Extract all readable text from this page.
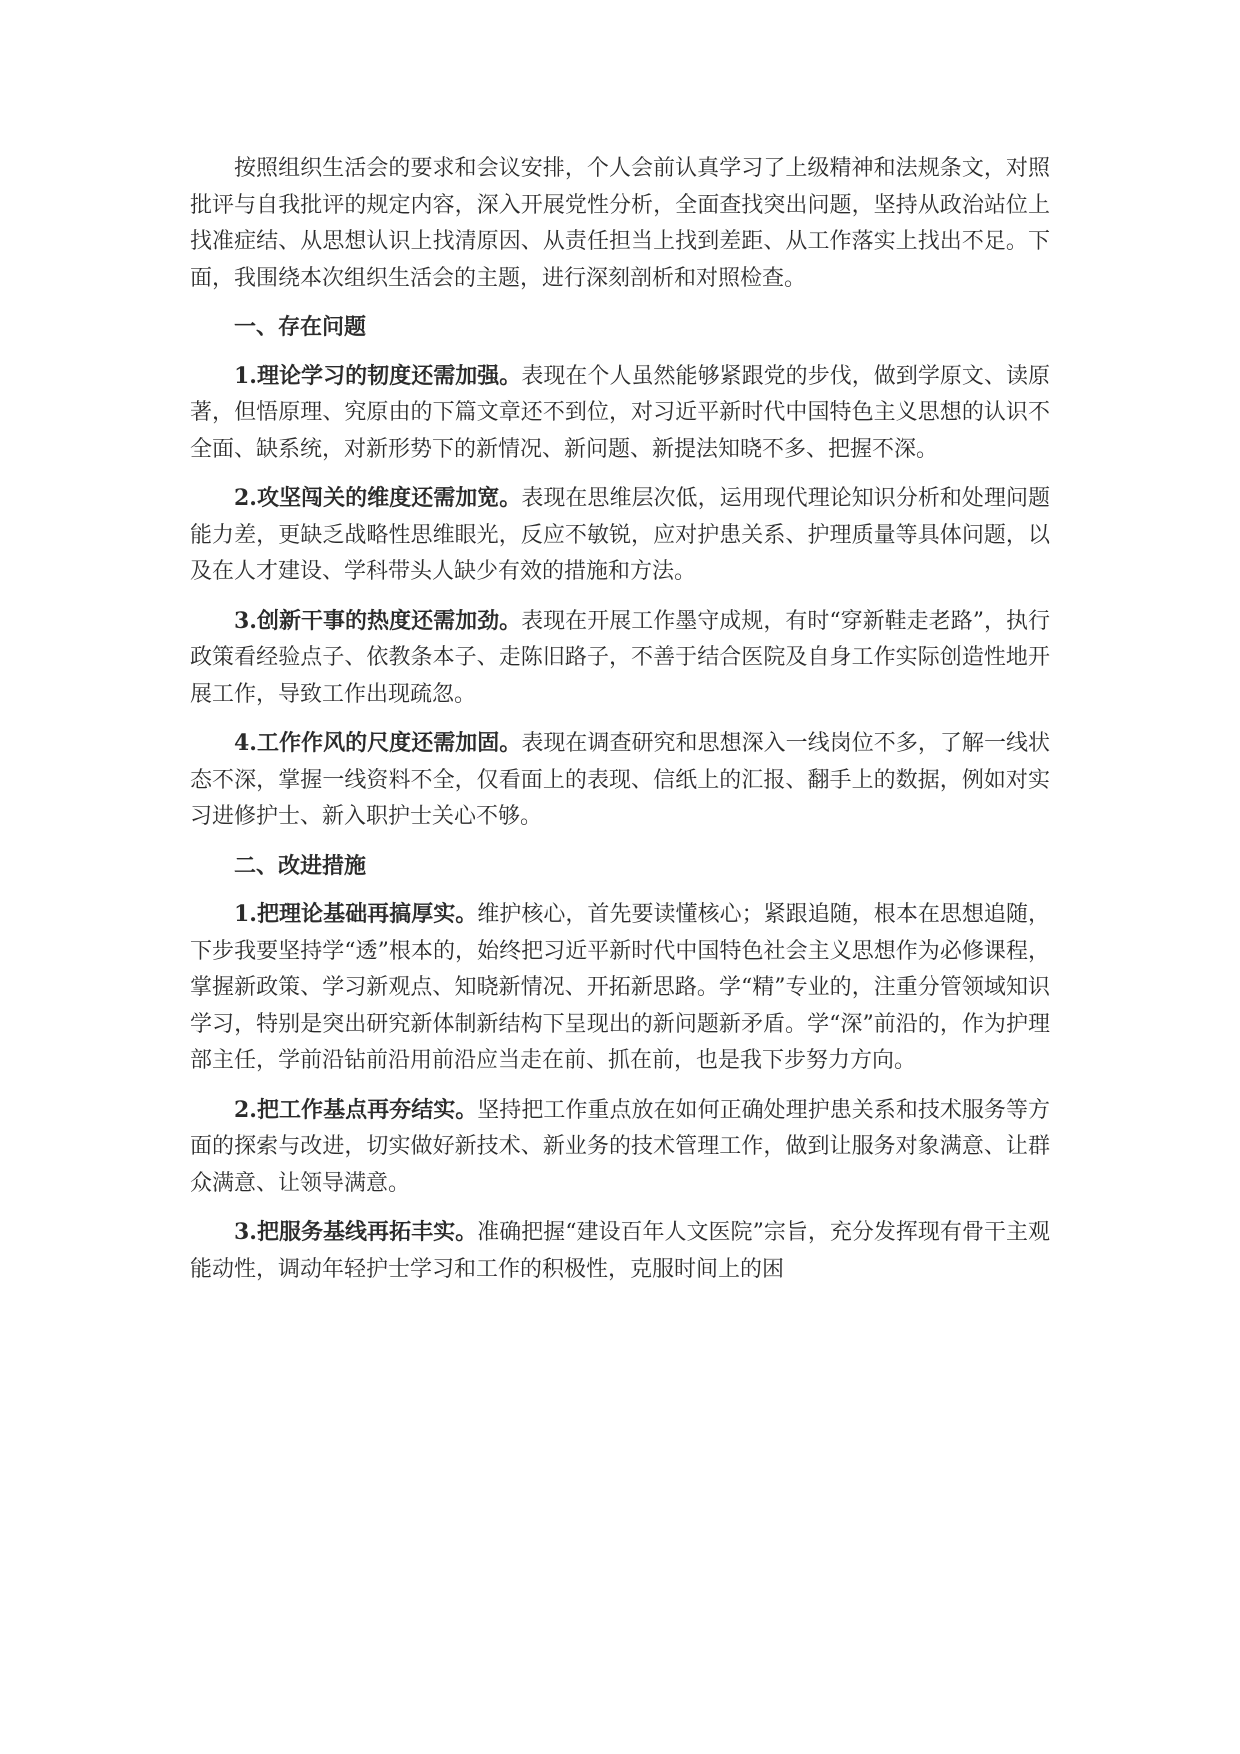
按照组织生活会的要求和会议安排，个人会前认真学习了上级精神和法规条文，对照批评与自我批评的规定内容，深入开展党性分析，全面查找突出问题，坚持从政治站位上找准症结、从思想认识上找清原因、从责任担当上找到差距、从工作落实上找出不足。下面，我围绕本次组织生活会的主题，进行深刻剖析和对照检查。

一、存在问题

1.理论学习的韧度还需加强。表现在个人虽然能够紧跟党的步伐，做到学原文、读原著，但悟原理、究原由的下篇文章还不到位，对习近平新时代中国特色主义思想的认识不全面、缺系统，对新形势下的新情况、新问题、新提法知晓不多、把握不深。

2.攻坚闯关的维度还需加宽。表现在思维层次低，运用现代理论知识分析和处理问题能力差，更缺乏战略性思维眼光，反应不敏锐，应对护患关系、护理质量等具体问题，以及在人才建设、学科带头人缺少有效的措施和方法。

3.创新干事的热度还需加劲。表现在开展工作墨守成规，有时“穿新鞋走老路”，执行政策看经验点子、依教条本子、走陈旧路子，不善于结合医院及自身工作实际创造性地开展工作，导致工作出现疏忽。

4.工作作风的尺度还需加固。表现在调查研究和思想深入一线岗位不多，了解一线状态不深，掌握一线资料不全，仅看面上的表现、信纸上的汇报、翻手上的数据，例如对实习进修护士、新入职护士关心不够。

二、改进措施

1.把理论基础再搞厚实。维护核心，首先要读懂核心；紧跟追随，根本在思想追随，下步我要坚持学“透”根本的，始终把习近平新时代中国特色社会主义思想作为必修课程，掌握新政策、学习新观点、知晓新情况、开拓新思路。学“精”专业的，注重分管领域知识学习，特别是突出研究新体制新结构下呈现出的新问题新矛盾。学“深”前沿的，作为护理部主任，学前沿钻前沿用前沿应当走在前、抓在前，也是我下步努力方向。

2.把工作基点再夯结实。坚持把工作重点放在如何正确处理护患关系和技术服务等方面的探索与改进，切实做好新技术、新业务的技术管理工作，做到让服务对象满意、让群众满意、让领导满意。

3.把服务基线再拓丰实。准确把握“建设百年人文医院”宗旨，充分发挥现有骨干主观能动性，调动年轻护士学习和工作的积极性，克服时间上的困
